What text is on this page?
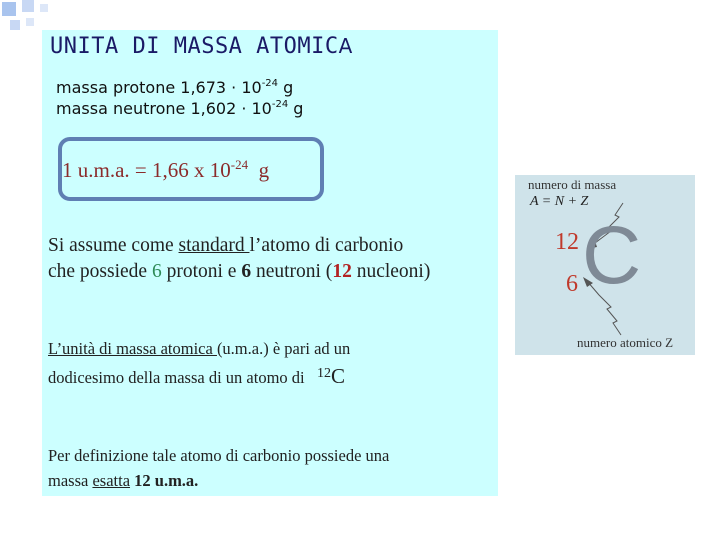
UNITA DI MASSA ATOMICA
massa protone $1,673 \cdot 10^{-24}$ g
massa neutrone $1,602 \cdot 10^{-24}$ g
1 u.m.a. = 1,66 x $10^{-24}$ g
Si assume come standard l’atomo di carbonio
che possiede 6 protoni e 6 neutroni (12 nucleoni)
L’unità di massa atomica (u.m.a.) è pari ad un
dodicesimo della massa di un atomo di   $^{12}$C
Per definizione tale atomo di carbonio possiede una
massa esatta 12 u.m.a.
numero di massa
A = N + Z
12
6 C
numero atomico Z
